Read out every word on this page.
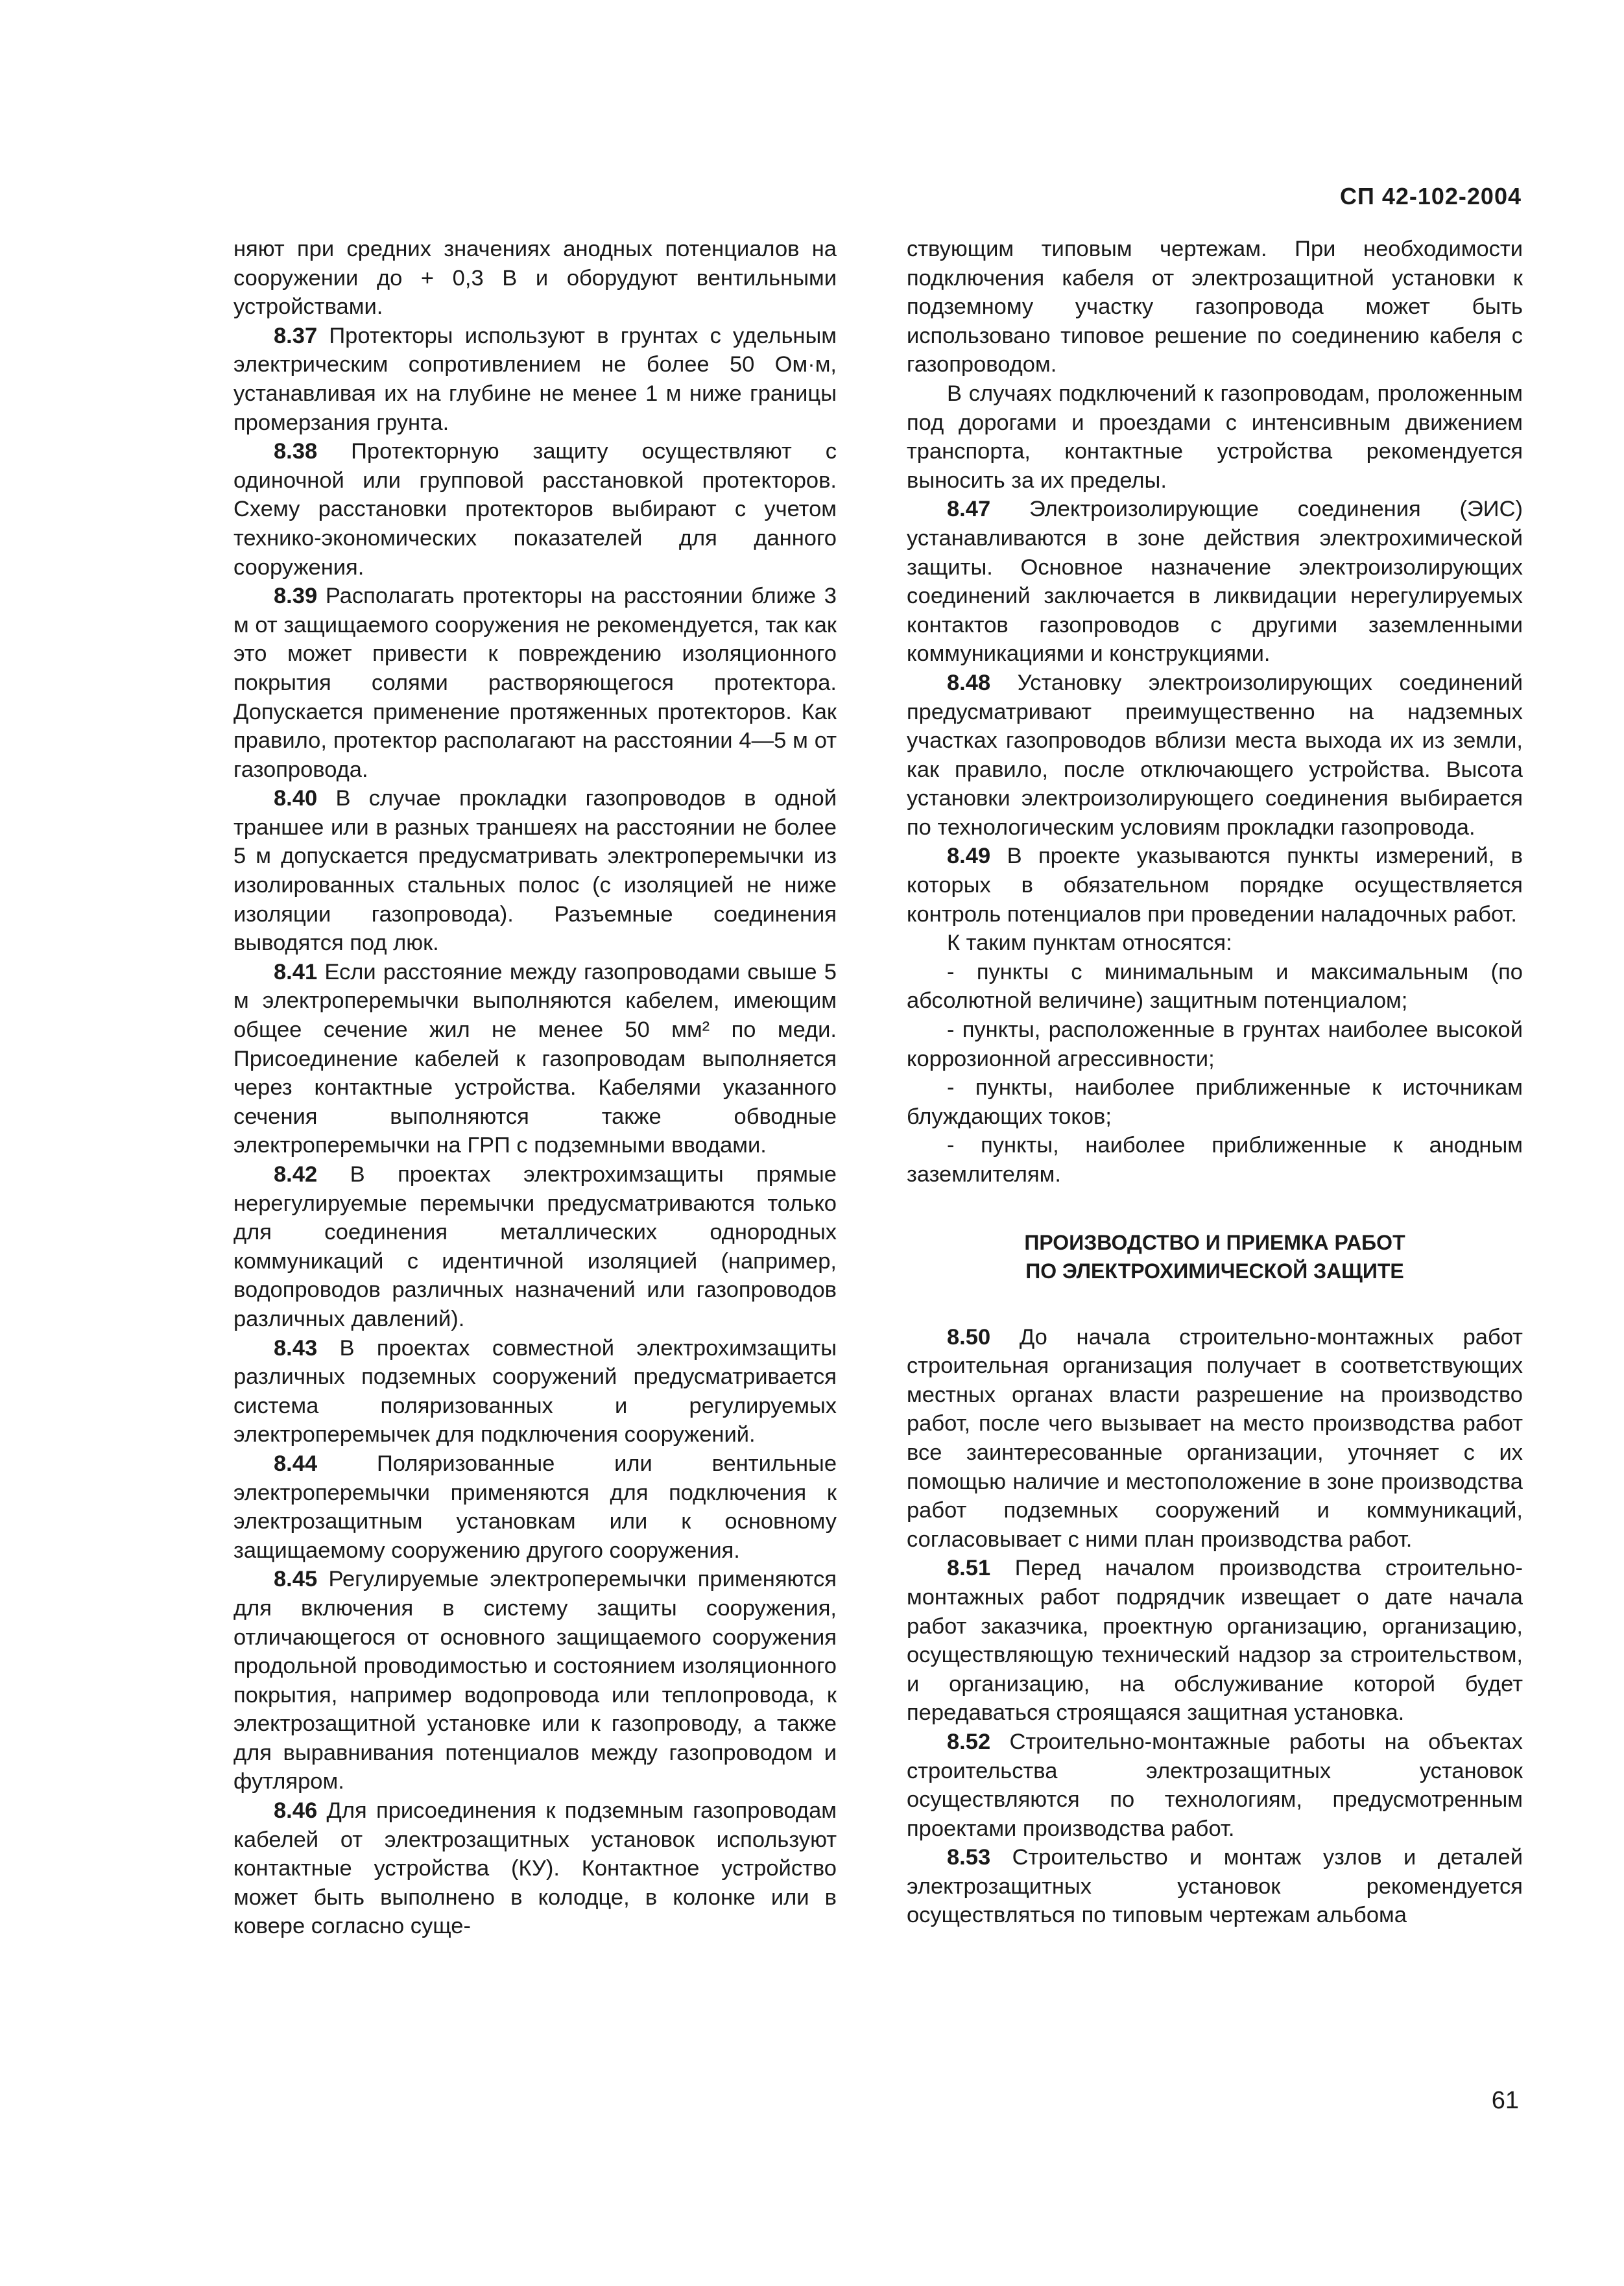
СП 42-102-2004

няют при средних значениях анодных потенциалов на сооружении до + 0,3 В и оборудуют вентильными устройствами.

8.37 Протекторы используют в грунтах с удельным электрическим сопротивлением не более 50 Ом·м, устанавливая их на глубине не менее 1 м ниже границы промерзания грунта.

8.38 Протекторную защиту осуществляют с одиночной или групповой расстановкой протекторов. Схему расстановки протекторов выбирают с учетом технико-экономических показателей для данного сооружения.

8.39 Располагать протекторы на расстоянии ближе 3 м от защищаемого сооружения не рекомендуется, так как это может привести к повреждению изоляционного покрытия солями растворяющегося протектора. Допускается применение протяженных протекторов. Как правило, протектор располагают на расстоянии 4—5 м от газопровода.

8.40 В случае прокладки газопроводов в одной траншее или в разных траншеях на расстоянии не более 5 м допускается предусматривать электроперемычки из изолированных стальных полос (с изоляцией не ниже изоляции газопровода). Разъемные соединения выводятся под люк.

8.41 Если расстояние между газопроводами свыше 5 м электроперемычки выполняются кабелем, имеющим общее сечение жил не менее 50 мм² по меди. Присоединение кабелей к газопроводам выполняется через контактные устройства. Кабелями указанного сечения выполняются также обводные электроперемычки на ГРП с подземными вводами.

8.42 В проектах электрохимзащиты прямые нерегулируемые перемычки предусматриваются только для соединения металлических однородных коммуникаций с идентичной изоляцией (например, водопроводов различных назначений или газопроводов различных давлений).

8.43 В проектах совместной электрохимзащиты различных подземных сооружений предусматривается система поляризованных и регулируемых электроперемычек для подключения сооружений.

8.44 Поляризованные или вентильные электроперемычки применяются для подключения к электрозащитным установкам или к основному защищаемому сооружению другого сооружения.

8.45 Регулируемые электроперемычки применяются для включения в систему защиты сооружения, отличающегося от основного защищаемого сооружения продольной проводимостью и состоянием изоляционного покрытия, например водопровода или теплопровода, к электрозащитной установке или к газопроводу, а также для выравнивания потенциалов между газопроводом и футляром.

8.46 Для присоединения к подземным газопроводам кабелей от электрозащитных установок используют контактные устройства (КУ). Контактное устройство может быть выполнено в колодце, в колонке или в ковере согласно суще-

ствующим типовым чертежам. При необходимости подключения кабеля от электрозащитной установки к подземному участку газопровода может быть использовано типовое решение по соединению кабеля с газопроводом.

В случаях подключений к газопроводам, проложенным под дорогами и проездами с интенсивным движением транспорта, контактные устройства рекомендуется выносить за их пределы.

8.47 Электроизолирующие соединения (ЭИС) устанавливаются в зоне действия электрохимической защиты. Основное назначение электроизолирующих соединений заключается в ликвидации нерегулируемых контактов газопроводов с другими заземленными коммуникациями и конструкциями.

8.48 Установку электроизолирующих соединений предусматривают преимущественно на надземных участках газопроводов вблизи места выхода их из земли, как правило, после отключающего устройства. Высота установки электроизолирующего соединения выбирается по технологическим условиям прокладки газопровода.

8.49 В проекте указываются пункты измерений, в которых в обязательном порядке осуществляется контроль потенциалов при проведении наладочных работ.

К таким пунктам относятся:

- пункты с минимальным и максимальным (по абсолютной величине) защитным потенциалом;

- пункты, расположенные в грунтах наиболее высокой коррозионной агрессивности;

- пункты, наиболее приближенные к источникам блуждающих токов;

- пункты, наиболее приближенные к анодным заземлителям.

ПРОИЗВОДСТВО И ПРИЕМКА РАБОТ
ПО ЭЛЕКТРОХИМИЧЕСКОЙ ЗАЩИТЕ

8.50 До начала строительно-монтажных работ строительная организация получает в соответствующих местных органах власти разрешение на производство работ, после чего вызывает на место производства работ все заинтересованные организации, уточняет с их помощью наличие и местоположение в зоне производства работ подземных сооружений и коммуникаций, согласовывает с ними план производства работ.

8.51 Перед началом производства строительно-монтажных работ подрядчик извещает о дате начала работ заказчика, проектную организацию, организацию, осуществляющую технический надзор за строительством, и организацию, на обслуживание которой будет передаваться строящаяся защитная установка.

8.52 Строительно-монтажные работы на объектах строительства электрозащитных установок осуществляются по технологиям, предусмотренным проектами производства работ.

8.53 Строительство и монтаж узлов и деталей электрозащитных установок рекомендуется осуществляться по типовым чертежам альбома

61
